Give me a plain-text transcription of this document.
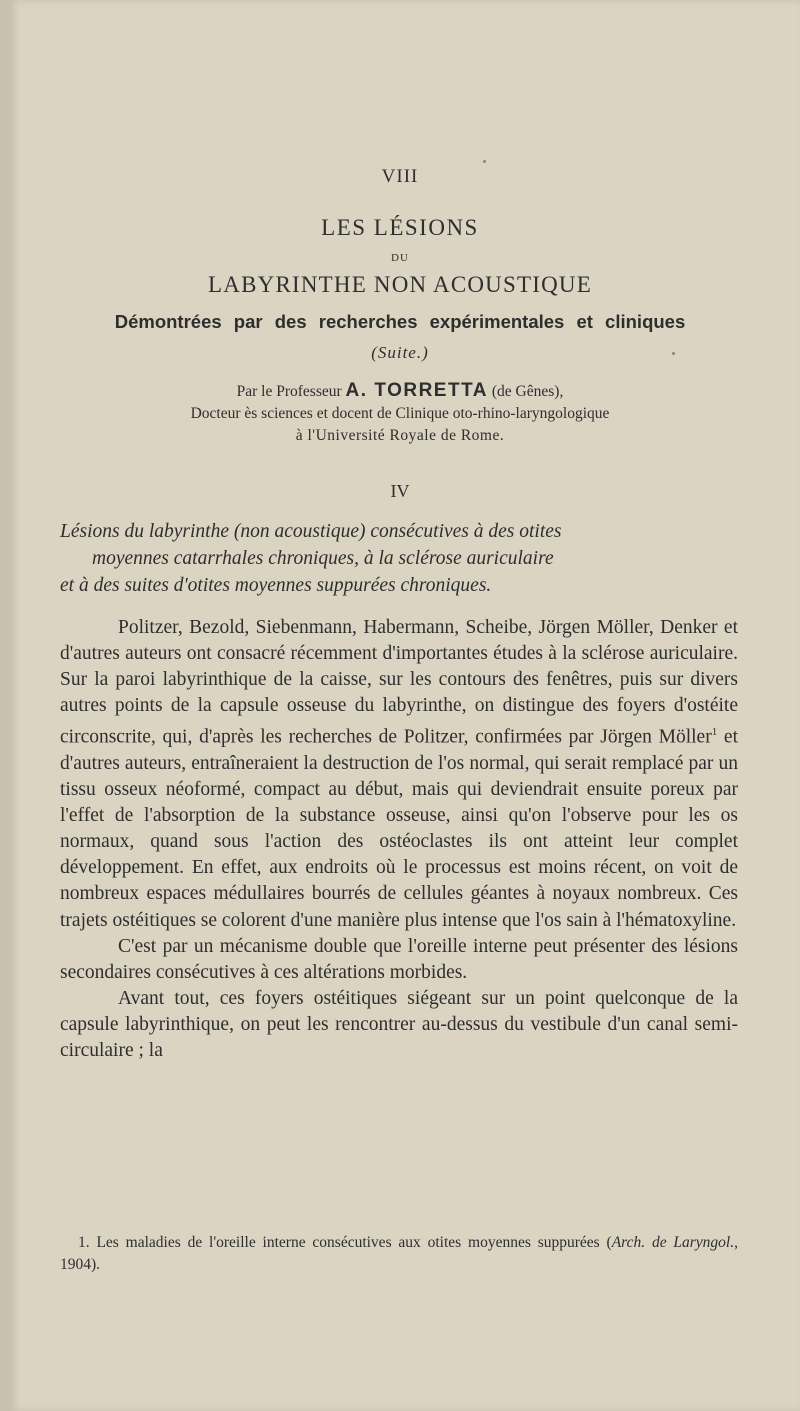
VIII
LES LÉSIONS
DU
LABYRINTHE NON ACOUSTIQUE
Démontrées par des recherches expérimentales et cliniques
(Suite.)
Par le Professeur A. TORRETTA (de Gênes),
Docteur ès sciences et docent de Clinique oto-rhino-laryngologique
à l'Université Royale de Rome.
IV
Lésions du labyrinthe (non acoustique) consécutives à des otites
moyennes catarrhales chroniques, à la sclérose auriculaire
et à des suites d'otites moyennes suppurées chroniques.

Politzer, Bezold, Siebenmann, Habermann, Scheibe, Jörgen Möller, Denker et d'autres auteurs ont consacré récemment d'importantes études à la sclérose auriculaire. Sur la paroi labyrinthique de la caisse, sur les contours des fenêtres, puis sur divers autres points de la capsule osseuse du labyrinthe, on distingue des foyers d'ostéite circonscrite, qui, d'après les recherches de Politzer, confirmées par Jörgen Möller$^1$ et d'autres auteurs, entraîneraient la destruction de l'os normal, qui serait remplacé par un tissu osseux néoformé, compact au début, mais qui deviendrait ensuite poreux par l'effet de l'absorption de la substance osseuse, ainsi qu'on l'observe pour les os normaux, quand sous l'action des ostéoclastes ils ont atteint leur complet développement. En effet, aux endroits où le processus est moins récent, on voit de nombreux espaces médullaires bourrés de cellules géantes à noyaux nombreux. Ces trajets ostéitiques se colorent d'une manière plus intense que l'os sain à l'hématoxyline.

C'est par un mécanisme double que l'oreille interne peut présenter des lésions secondaires consécutives à ces altérations morbides.

Avant tout, ces foyers ostéitiques siégeant sur un point quelconque de la capsule labyrinthique, on peut les rencontrer au-dessus du vestibule d'un canal semi-circulaire ; la

1. Les maladies de l'oreille interne consécutives aux otites moyennes suppurées (Arch. de Laryngol., 1904).
